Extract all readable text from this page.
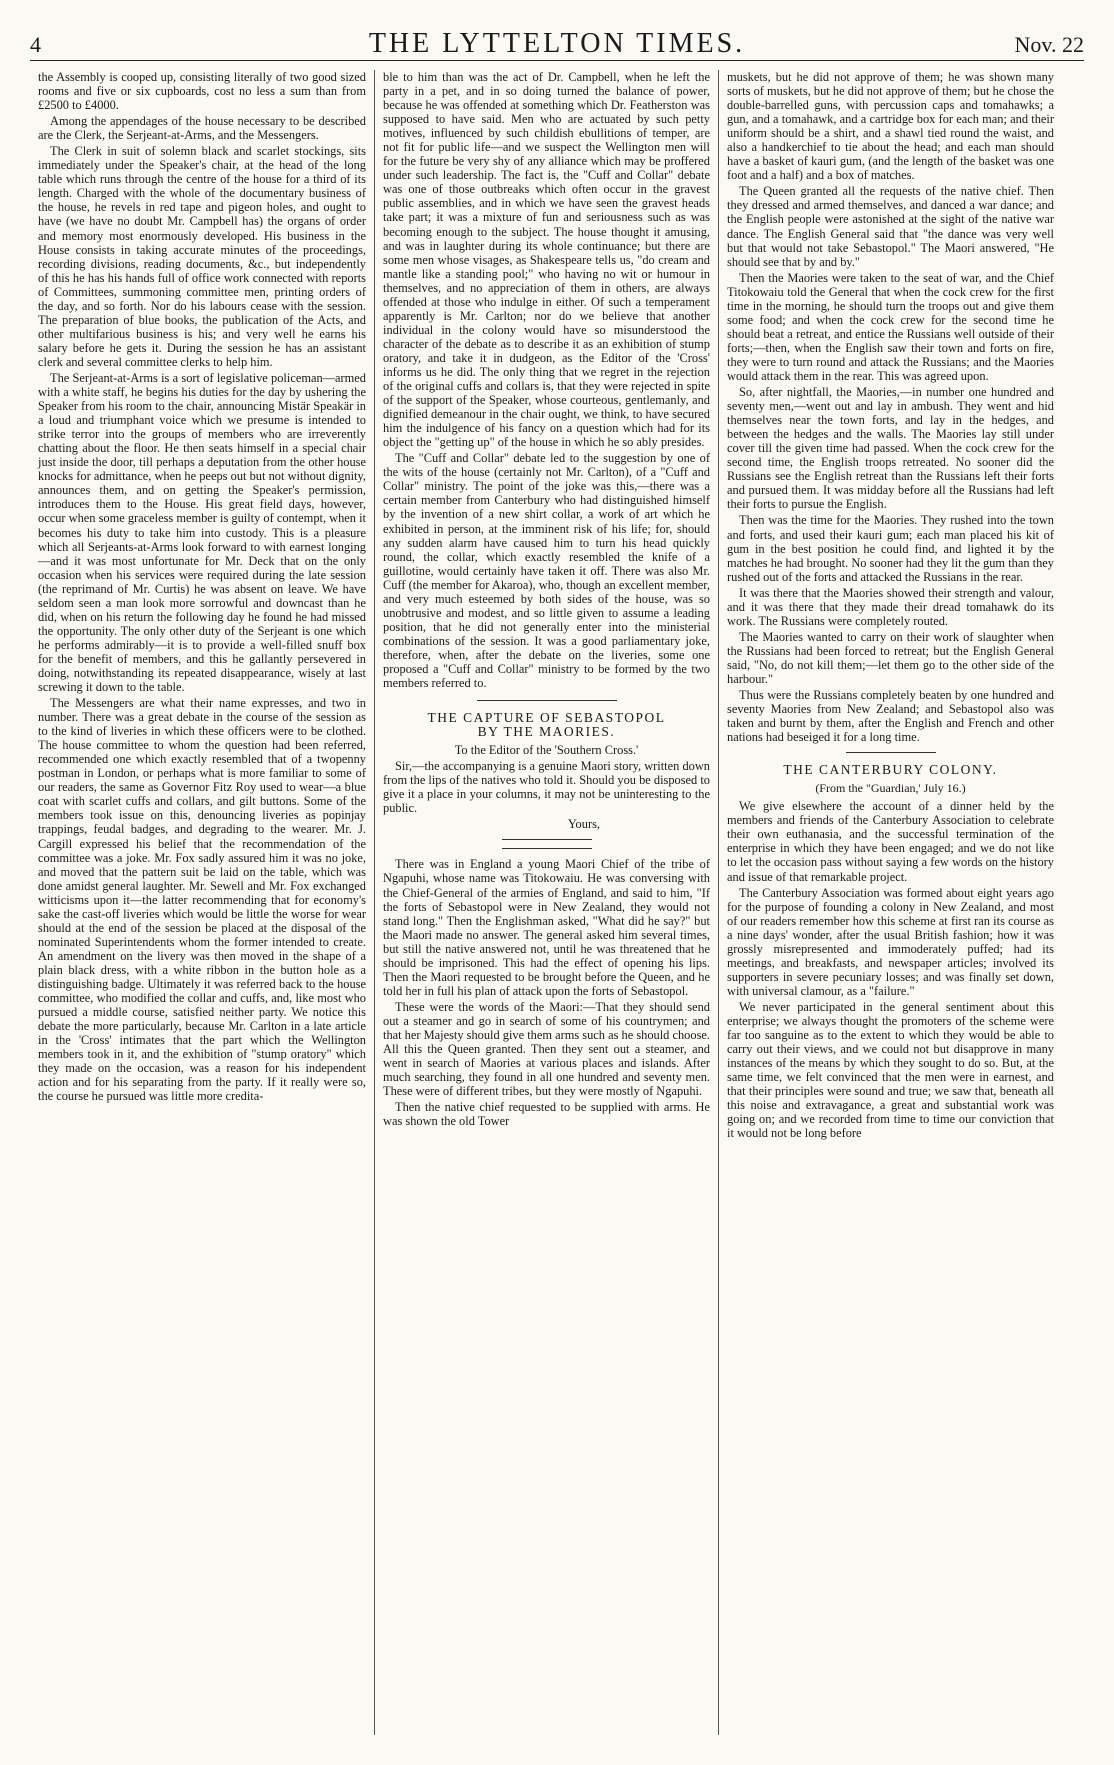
4	THE LYTTELTON TIMES.	Nov. 22

the Assembly is cooped up, consisting literally of two good sized rooms and five or six cupboards, cost no less a sum than from £2500 to £4000.

Among the appendages of the house necessary to be described are the Clerk, the Serjeant-at-Arms, and the Messengers.

The Clerk in suit of solemn black and scarlet stockings, sits immediately under the Speaker's chair, at the head of the long table which runs through the centre of the house for a third of its length. Charged with the whole of the documentary business of the house, he revels in red tape and pigeon holes, and ought to have (we have no doubt Mr. Campbell has) the organs of order and memory most enormously developed. His business in the House consists in taking accurate minutes of the proceedings, recording divisions, reading documents, &c., but independently of this he has his hands full of office work connected with reports of Committees, summoning committee men, printing orders of the day, and so forth. Nor do his labours cease with the session. The preparation of blue books, the publication of the Acts, and other multifarious business is his; and very well he earns his salary before he gets it. During the session he has an assistant clerk and several committee clerks to help him.

The Serjeant-at-Arms is a sort of legislative policeman—armed with a white staff, he begins his duties for the day by ushering the Speaker from his room to the chair, announcing Mistär Speakär in a loud and triumphant voice which we presume is intended to strike terror into the groups of members who are irreverently chatting about the floor. He then seats himself in a special chair just inside the door, till perhaps a deputation from the other house knocks for admittance, when he peeps out but not without dignity, announces them, and on getting the Speaker's permission, introduces them to the House. His great field days, however, occur when some graceless member is guilty of contempt, when it becomes his duty to take him into custody. This is a pleasure which all Serjeants-at-Arms look forward to with earnest longing—and it was most unfortunate for Mr. Deck that on the only occasion when his services were required during the late session (the reprimand of Mr. Curtis) he was absent on leave. We have seldom seen a man look more sorrowful and downcast than he did, when on his return the following day he found he had missed the opportunity. The only other duty of the Serjeant is one which he performs admirably—it is to provide a well-filled snuff box for the benefit of members, and this he gallantly persevered in doing, notwithstanding its repeated disappearance, wisely at last screwing it down to the table.

The Messengers are what their name expresses, and two in number. There was a great debate in the course of the session as to the kind of liveries in which these officers were to be clothed. The house committee to whom the question had been referred, recommended one which exactly resembled that of a twopenny postman in London, or perhaps what is more familiar to some of our readers, the same as Governor Fitz Roy used to wear—a blue coat with scarlet cuffs and collars, and gilt buttons. Some of the members took issue on this, denouncing liveries as popinjay trappings, feudal badges, and degrading to the wearer. Mr. J. Cargill expressed his belief that the recommendation of the committee was a joke. Mr. Fox sadly assured him it was no joke, and moved that the pattern suit be laid on the table, which was done amidst general laughter. Mr. Sewell and Mr. Fox exchanged witticisms upon it—the latter recommending that for economy's sake the cast-off liveries which would be little the worse for wear should at the end of the session be placed at the disposal of the nominated Superintendents whom the former intended to create. An amendment on the livery was then moved in the shape of a plain black dress, with a white ribbon in the button hole as a distinguishing badge. Ultimately it was referred back to the house committee, who modified the collar and cuffs, and, like most who pursued a middle course, satisfied neither party. We notice this debate the more particularly, because Mr. Carlton in a late article in the 'Cross' intimates that the part which the Wellington members took in it, and the exhibition of "stump oratory" which they made on the occasion, was a reason for his independent action and for his separating from the party. If it really were so, the course he pursued was little more credita-

ble to him than was the act of Dr. Campbell, when he left the party in a pet, and in so doing turned the balance of power, because he was offended at something which Dr. Featherston was supposed to have said. Men who are actuated by such petty motives, influenced by such childish ebullitions of temper, are not fit for public life—and we suspect the Wellington men will for the future be very shy of any alliance which may be proffered under such leadership. The fact is, the "Cuff and Collar" debate was one of those outbreaks which often occur in the gravest public assemblies, and in which we have seen the gravest heads take part; it was a mixture of fun and seriousness such as was becoming enough to the subject. The house thought it amusing, and was in laughter during its whole continuance; but there are some men whose visages, as Shakespeare tells us, "do cream and mantle like a standing pool;" who having no wit or humour in themselves, and no appreciation of them in others, are always offended at those who indulge in either. Of such a temperament apparently is Mr. Carlton; nor do we believe that another individual in the colony would have so misunderstood the character of the debate as to describe it as an exhibition of stump oratory, and take it in dudgeon, as the Editor of the 'Cross' informs us he did. The only thing that we regret in the rejection of the original cuffs and collars is, that they were rejected in spite of the support of the Speaker, whose courteous, gentlemanly, and dignified demeanour in the chair ought, we think, to have secured him the indulgence of his fancy on a question which had for its object the "getting up" of the house in which he so ably presides.

The "Cuff and Collar" debate led to the suggestion by one of the wits of the house (certainly not Mr. Carlton), of a "Cuff and Collar" ministry. The point of the joke was this,—there was a certain member from Canterbury who had distinguished himself by the invention of a new shirt collar, a work of art which he exhibited in person, at the imminent risk of his life; for, should any sudden alarm have caused him to turn his head quickly round, the collar, which exactly resembled the knife of a guillotine, would certainly have taken it off. There was also Mr. Cuff (the member for Akaroa), who, though an excellent member, and very much esteemed by both sides of the house, was so unobtrusive and modest, and so little given to assume a leading position, that he did not generally enter into the ministerial combinations of the session. It was a good parliamentary joke, therefore, when, after the debate on the liveries, some one proposed a "Cuff and Collar" ministry to be formed by the two members referred to.

THE CAPTURE OF SEBASTOPOL
BY THE MAORIES.

To the Editor of the 'Southern Cross.'

Sir,—the accompanying is a genuine Maori story, written down from the lips of the natives who told it. Should you be disposed to give it a place in your columns, it may not be uninteresting to the public.

Yours,

There was in England a young Maori Chief of the tribe of Ngapuhi, whose name was Titokowaiu. He was conversing with the Chief-General of the armies of England, and said to him, "If the forts of Sebastopol were in New Zealand, they would not stand long." Then the Englishman asked, "What did he say?" but the Maori made no answer. The general asked him several times, but still the native answered not, until he was threatened that he should be imprisoned. This had the effect of opening his lips. Then the Maori requested to be brought before the Queen, and he told her in full his plan of attack upon the forts of Sebastopol.

These were the words of the Maori:—That they should send out a steamer and go in search of some of his countrymen; and that her Majesty should give them arms such as he should choose. All this the Queen granted. Then they sent out a steamer, and went in search of Maories at various places and islands. After much searching, they found in all one hundred and seventy men. These were of different tribes, but they were mostly of Ngapuhi.

Then the native chief requested to be supplied with arms. He was shown the old Tower

muskets, but he did not approve of them; he was shown many sorts of muskets, but he did not approve of them; but he chose the double-barrelled guns, with percussion caps and tomahawks; a gun, and a tomahawk, and a cartridge box for each man; and their uniform should be a shirt, and a shawl tied round the waist, and also a handkerchief to tie about the head; and each man should have a basket of kauri gum, (and the length of the basket was one foot and a half) and a box of matches.

The Queen granted all the requests of the native chief. Then they dressed and armed themselves, and danced a war dance; and the English people were astonished at the sight of the native war dance. The English General said that "the dance was very well but that would not take Sebastopol." The Maori answered, "He should see that by and by."

Then the Maories were taken to the seat of war, and the Chief Titokowaiu told the General that when the cock crew for the first time in the morning, he should turn the troops out and give them some food; and when the cock crew for the second time he should beat a retreat, and entice the Russians well outside of their forts;—then, when the English saw their town and forts on fire, they were to turn round and attack the Russians; and the Maories would attack them in the rear. This was agreed upon.

So, after nightfall, the Maories,—in number one hundred and seventy men,—went out and lay in ambush. They went and hid themselves near the town forts, and lay in the hedges, and between the hedges and the walls. The Maories lay still under cover till the given time had passed. When the cock crew for the second time, the English troops retreated. No sooner did the Russians see the English retreat than the Russians left their forts and pursued them. It was midday before all the Russians had left their forts to pursue the English.

Then was the time for the Maories. They rushed into the town and forts, and used their kauri gum; each man placed his kit of gum in the best position he could find, and lighted it by the matches he had brought. No sooner had they lit the gum than they rushed out of the forts and attacked the Russians in the rear.

It was there that the Maories showed their strength and valour, and it was there that they made their dread tomahawk do its work. The Russians were completely routed.

The Maories wanted to carry on their work of slaughter when the Russians had been forced to retreat; but the English General said, "No, do not kill them;—let them go to the other side of the harbour."

Thus were the Russians completely beaten by one hundred and seventy Maories from New Zealand; and Sebastopol also was taken and burnt by them, after the English and French and other nations had beseiged it for a long time.

THE CANTERBURY COLONY.
(From the "Guardian,' July 16.)

We give elsewhere the account of a dinner held by the members and friends of the Canterbury Association to celebrate their own euthanasia, and the successful termination of the enterprise in which they have been engaged; and we do not like to let the occasion pass without saying a few words on the history and issue of that remarkable project.

The Canterbury Association was formed about eight years ago for the purpose of founding a colony in New Zealand, and most of our readers remember how this scheme at first ran its course as a nine days' wonder, after the usual British fashion; how it was grossly misrepresented and immoderately puffed; had its meetings, and breakfasts, and newspaper articles; involved its supporters in severe pecuniary losses; and was finally set down, with universal clamour, as a "failure."

We never participated in the general sentiment about this enterprise; we always thought the promoters of the scheme were far too sanguine as to the extent to which they would be able to carry out their views, and we could not but disapprove in many instances of the means by which they sought to do so. But, at the same time, we felt convinced that the men were in earnest, and that their principles were sound and true; we saw that, beneath all this noise and extravagance, a great and substantial work was going on; and we recorded from time to time our conviction that it would not be long before
